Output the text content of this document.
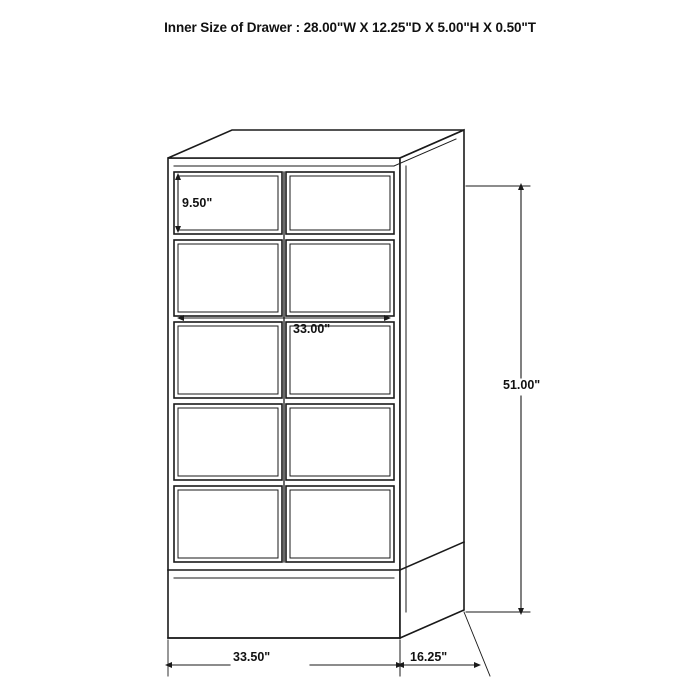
Inner Size of Drawer : 28.00"W X 12.25"D X 5.00"H X 0.50"T
9.50"
33.00"
51.00"
33.50"	16.25"
